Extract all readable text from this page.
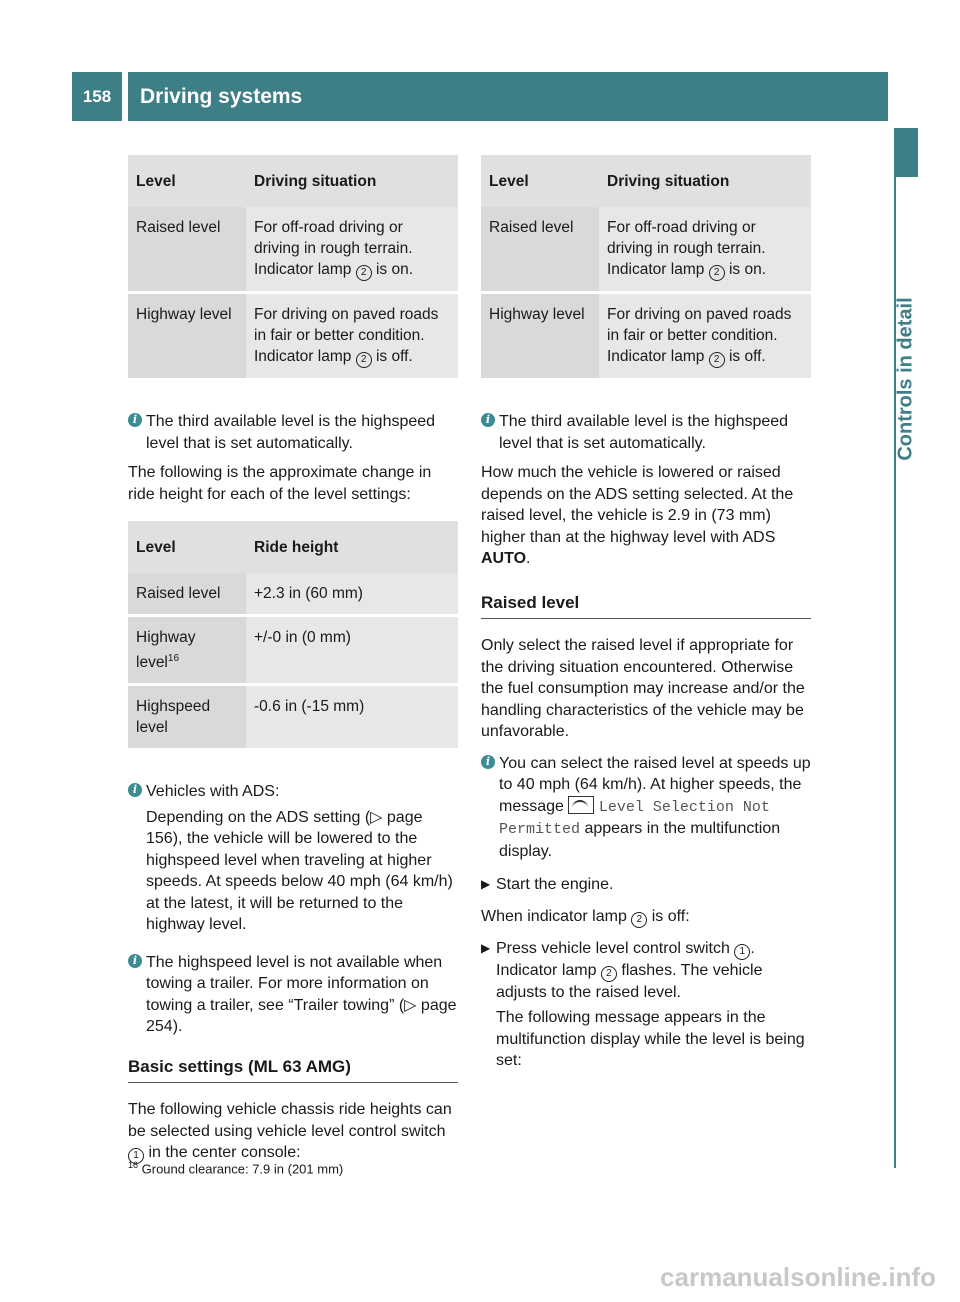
158	Driving systems
Controls in detail
Level	Driving situation
Raised level	For off-road driving or driving in rough terrain. Indicator lamp 2 is on.
Highway level	For driving on paved roads in fair or better condition. Indicator lamp 2 is off.

i The third available level is the highspeed level that is set automatically.

The following is the approximate change in ride height for each of the level settings:

Level	Ride height
Raised level	+2.3 in (60 mm)
Highway level$^{16}$	+/-0 in (0 mm)
Highspeed level	-0.6 in (-15 mm)

i Vehicles with ADS:

Depending on the ADS setting (▷ page 156), the vehicle will be lowered to the highspeed level when traveling at higher speeds. At speeds below 40 mph (64 km/h) at the latest, it will be returned to the highway level.

i The highspeed level is not available when towing a trailer. For more information on towing a trailer, see “Trailer towing” (▷ page 254).

Basic settings (ML 63 AMG)

The following vehicle chassis ride heights can be selected using vehicle level control switch 1 in the center console:

Level	Driving situation
Raised level	For off-road driving or driving in rough terrain. Indicator lamp 2 is on.
Highway level	For driving on paved roads in fair or better condition. Indicator lamp 2 is off.

i The third available level is the highspeed level that is set automatically.

How much the vehicle is lowered or raised depends on the ADS setting selected. At the raised level, the vehicle is 2.9 in (73 mm) higher than at the highway level with ADS AUTO.

Raised level

Only select the raised level if appropriate for the driving situation encountered. Otherwise the fuel consumption may increase and/or the handling characteristics of the vehicle may be unfavorable.

i You can select the raised level at speeds up to 40 mph (64 km/h). At higher speeds, the message  Level Selection Not Permitted appears in the multifunction display.

▶ Start the engine.

When indicator lamp 2 is off:

▶ Press vehicle level control switch 1 . Indicator lamp 2 flashes. The vehicle adjusts to the raised level.

The following message appears in the multifunction display while the level is being set:

$^{16}$ Ground clearance: 7.9 in (201 mm)
carmanualsonline.info
